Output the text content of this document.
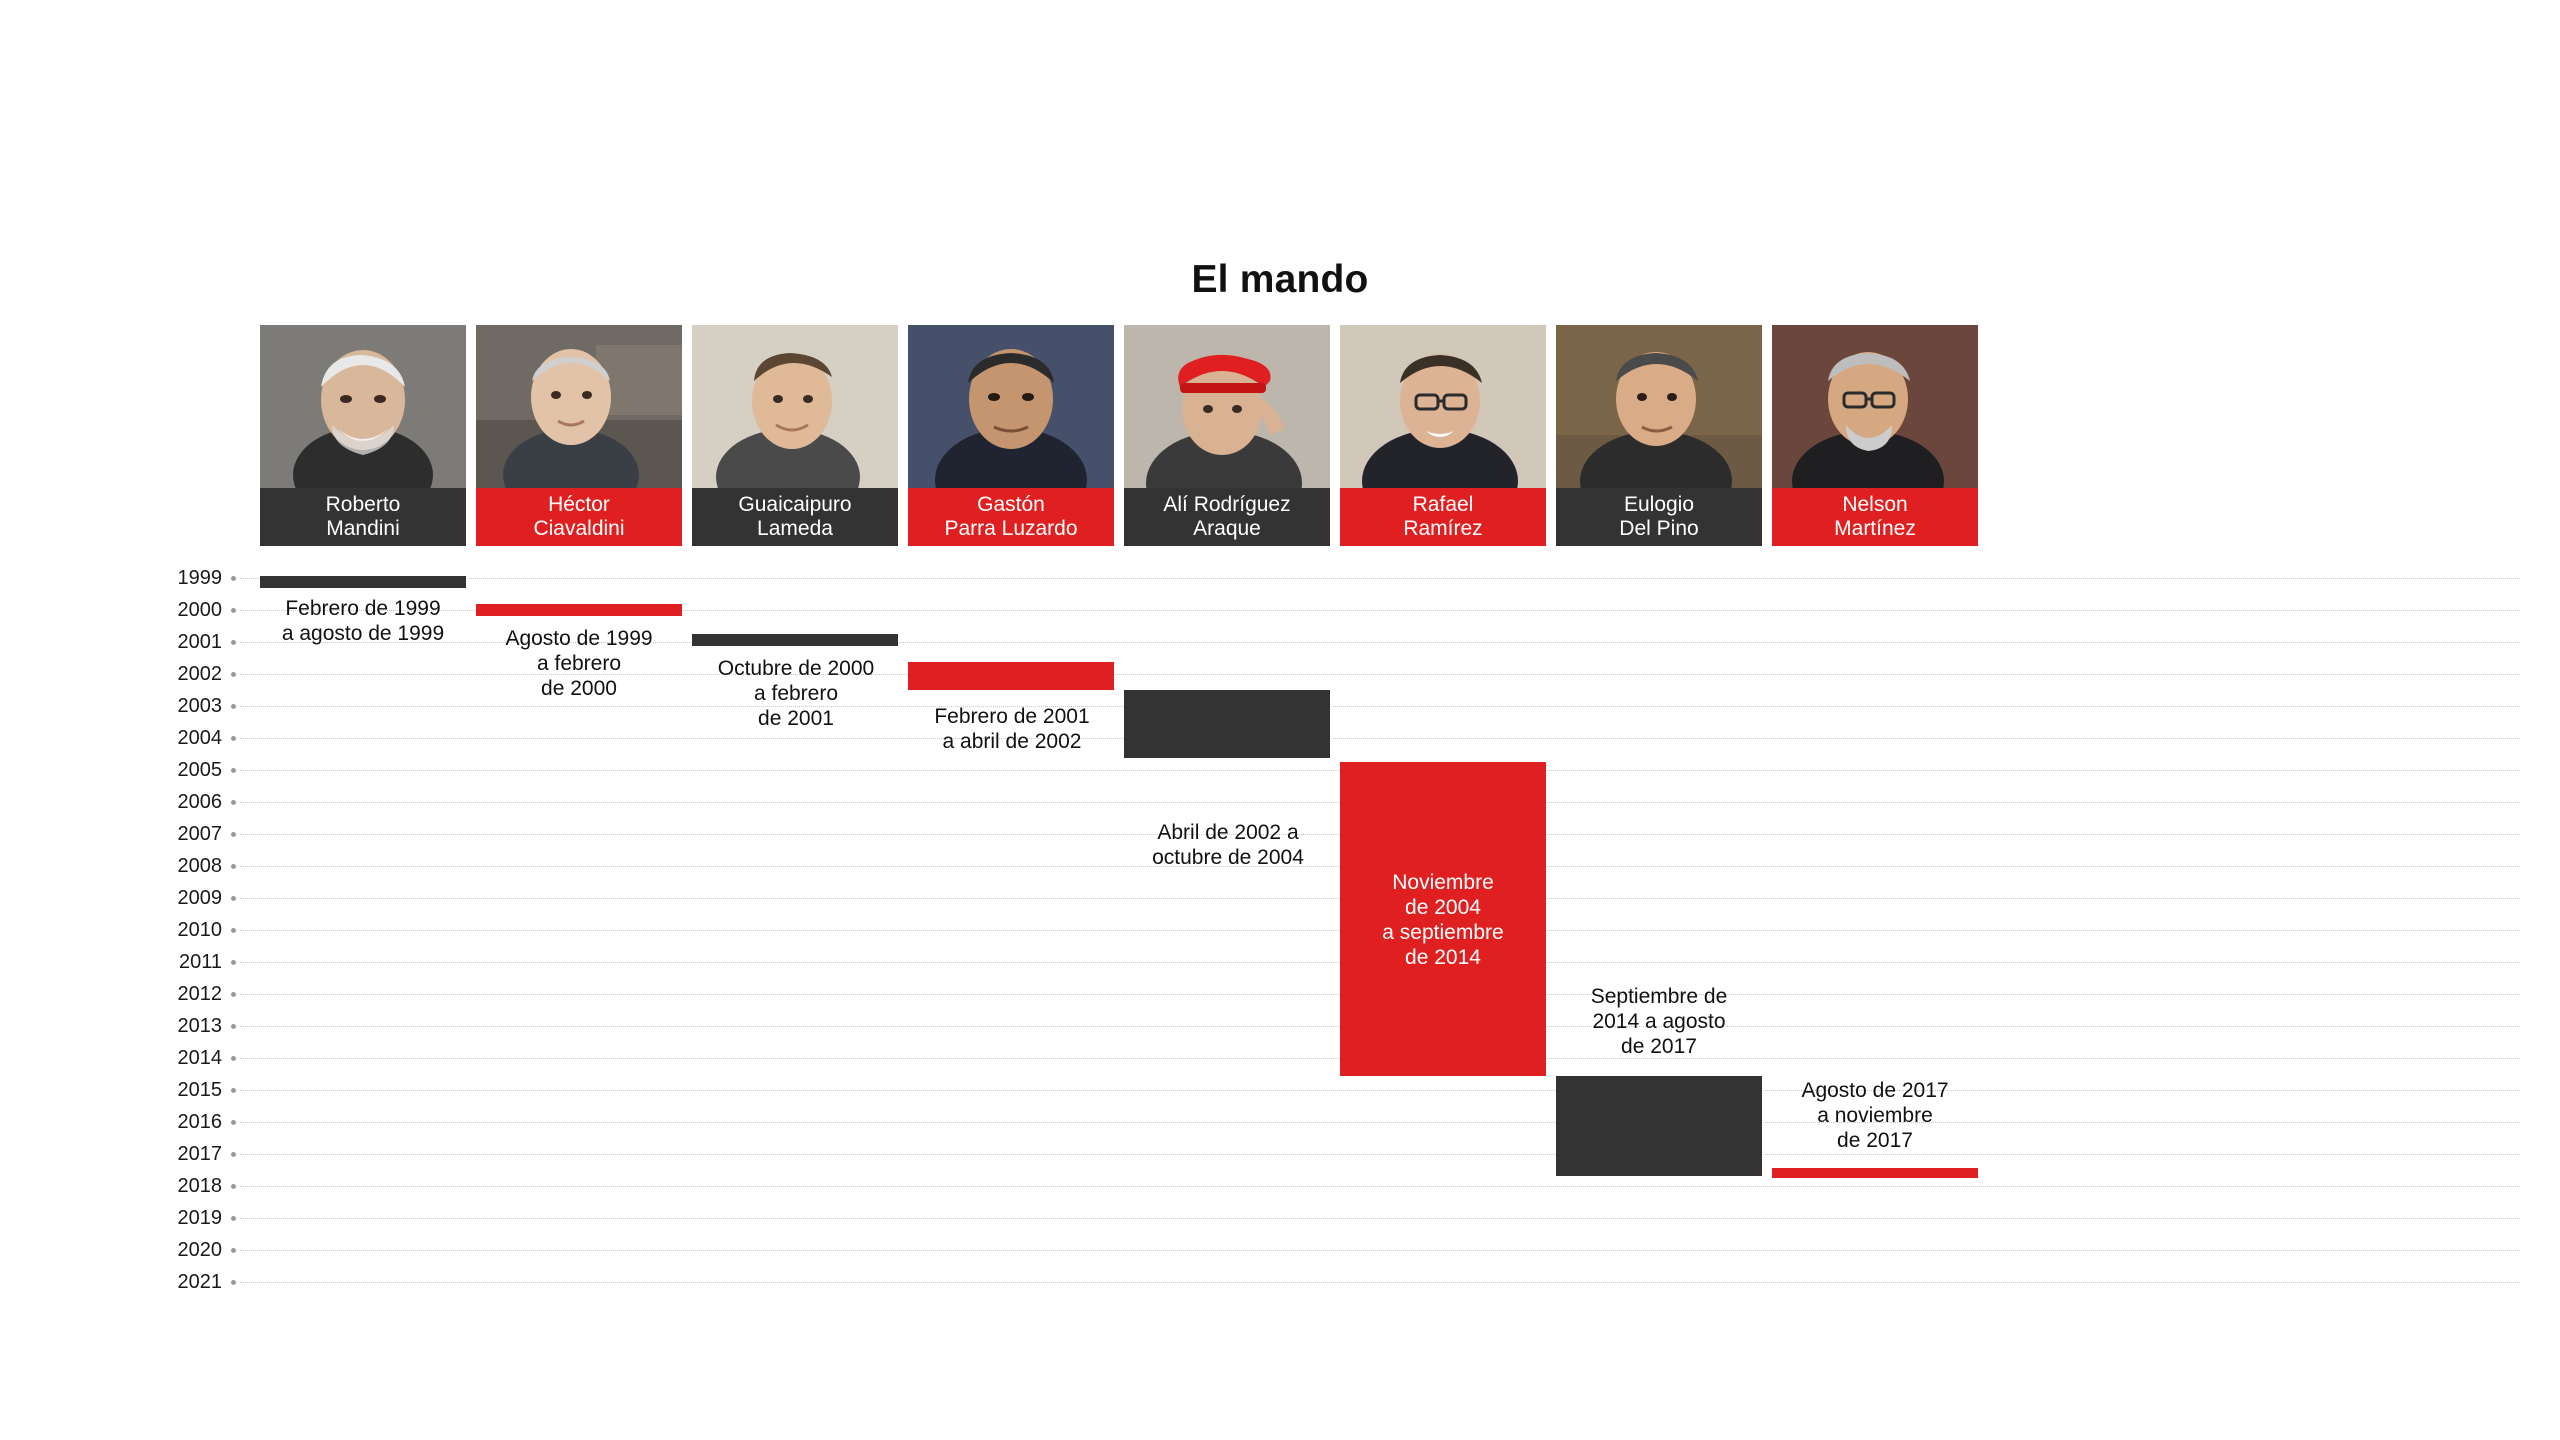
El mando
Roberto
Mandini
Héctor
Ciavaldini
Guaicaipuro
Lameda
Gastón
Parra Luzardo
Alí Rodríguez
Araque
Rafael
Ramírez
Eulogio
Del Pino
Nelson
Martínez
1999
2000
2001
2002
2003
2004
2005
2006
2007
2008
2009
2010
2011
2012
2013
2014
2015
2016
2017
2018
2019
2020
2021
Febrero de 1999
a agosto de 1999	Agosto de 1999
a febrero
de 2000
Octubre de 2000
a febrero
de 2001	Febrero de 2001
a abril de 2002
Abril de 2002 a
octubre de 2004
Noviembre
de 2004
a septiembre
de 2014
Septiembre de
2014 a agosto
de 2017
Agosto de 2017
a noviembre
de 2017
